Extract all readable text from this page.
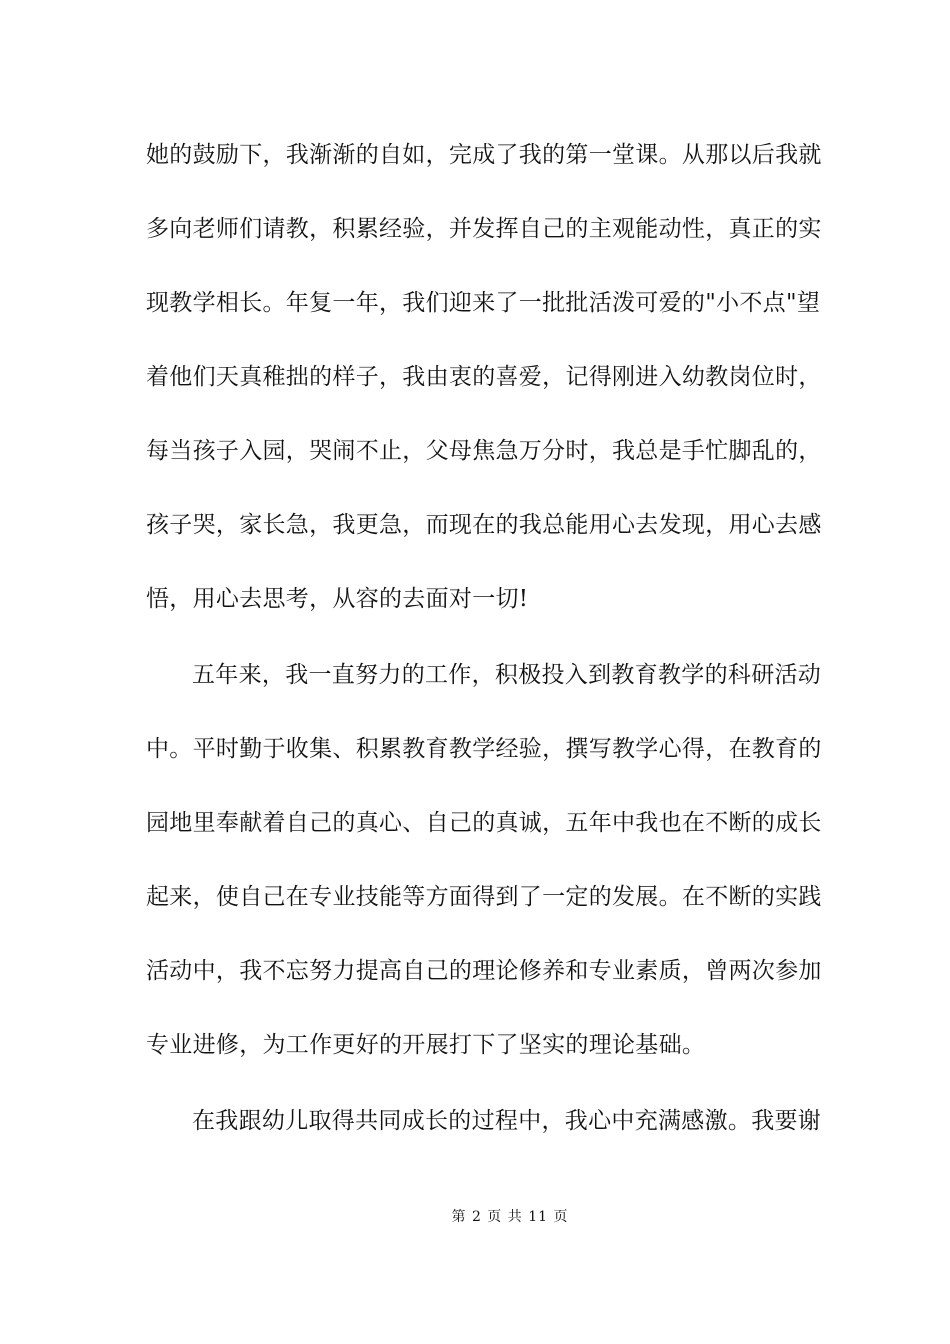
她的鼓励下，我渐渐的自如，完成了我的第一堂课。从那以后我就
多向老师们请教，积累经验，并发挥自己的主观能动性，真正的实
现教学相长。年复一年，我们迎来了一批批活泼可爱的"小不点"望
着他们天真稚拙的样子，我由衷的喜爱，记得刚进入幼教岗位时，
每当孩子入园，哭闹不止，父母焦急万分时，我总是手忙脚乱的，
孩子哭，家长急，我更急，而现在的我总能用心去发现，用心去感
悟，用心去思考，从容的去面对一切!
五年来，我一直努力的工作，积极投入到教育教学的科研活动
中。平时勤于收集、积累教育教学经验，撰写教学心得，在教育的
园地里奉献着自己的真心、自己的真诚，五年中我也在不断的成长
起来，使自己在专业技能等方面得到了一定的发展。在不断的实践
活动中，我不忘努力提高自己的理论修养和专业素质，曾两次参加
专业进修，为工作更好的开展打下了坚实的理论基础。
在我跟幼儿取得共同成长的过程中，我心中充满感激。我要谢
第 2 页 共 11 页
